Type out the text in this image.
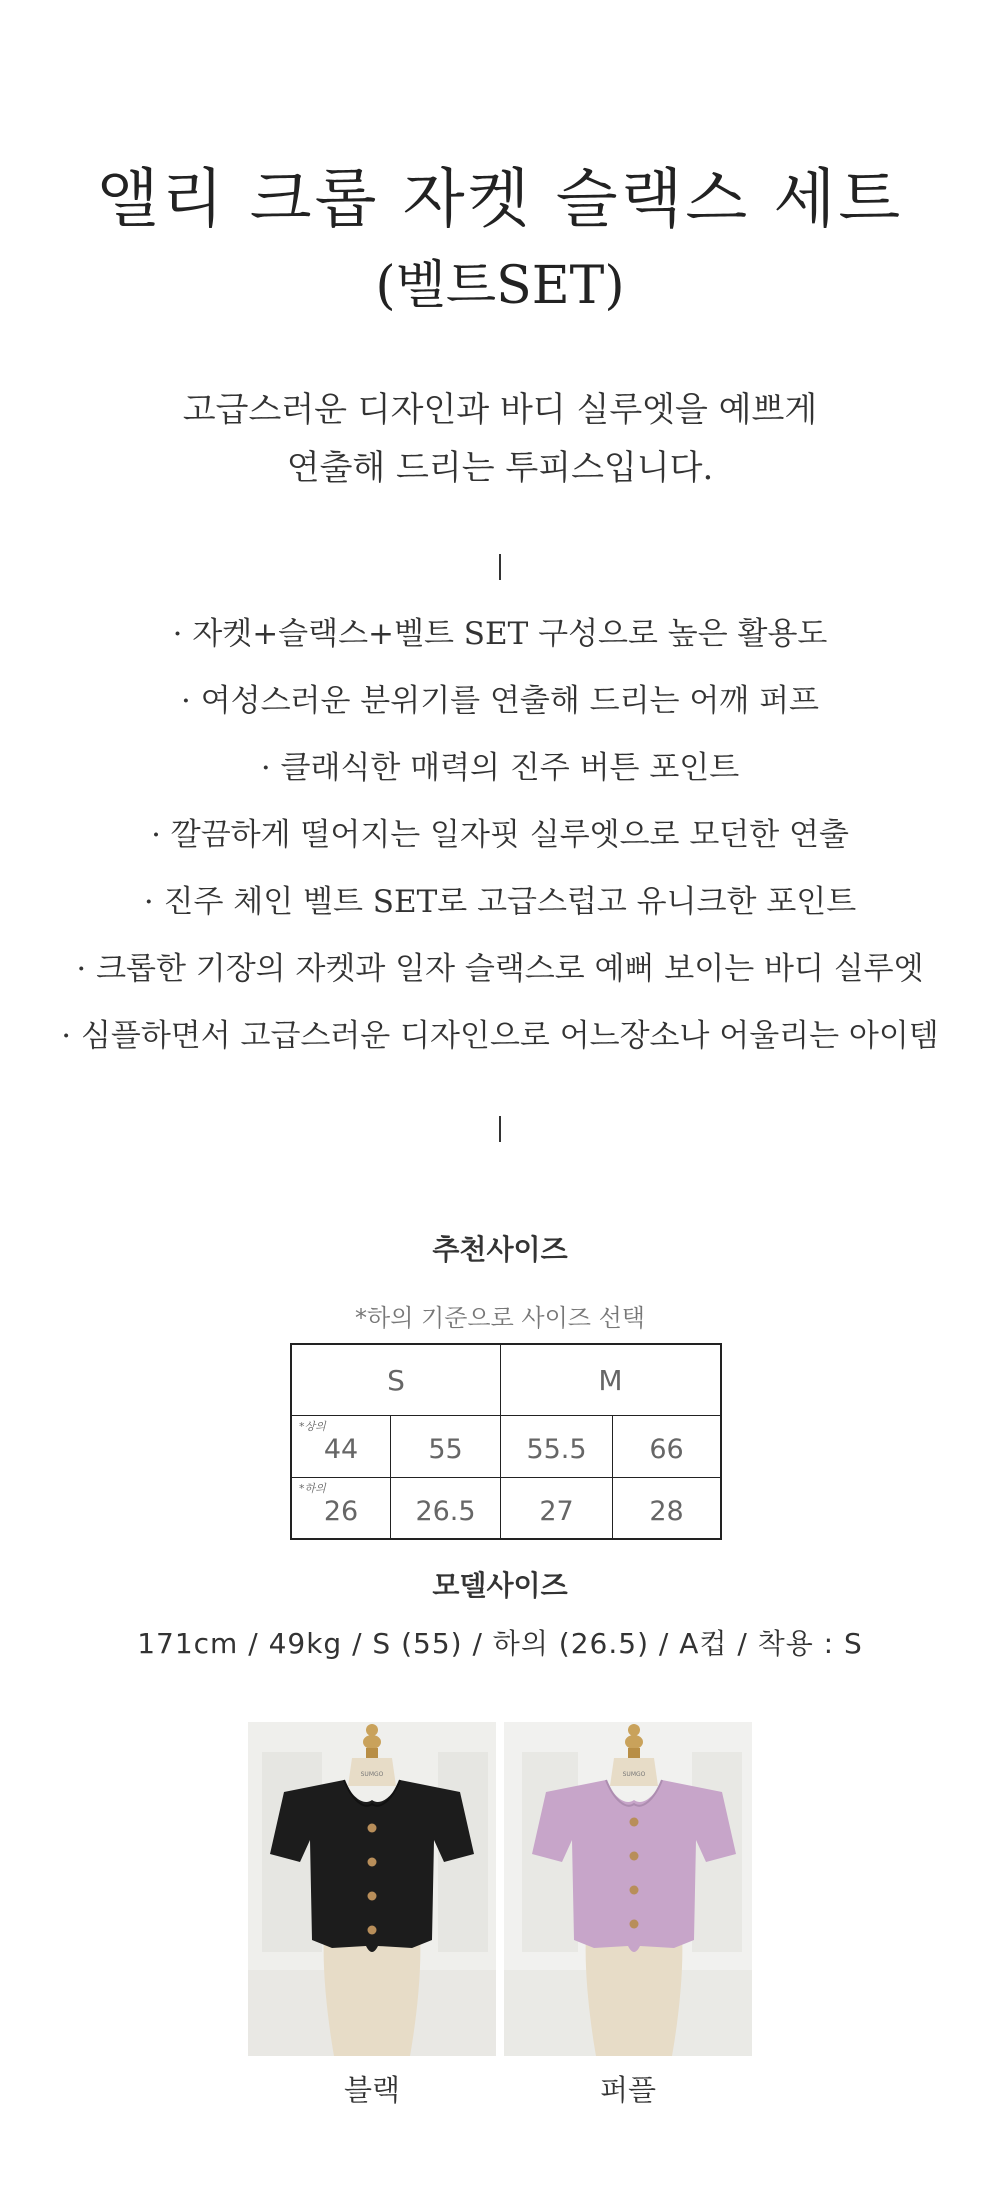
앨리 크롭 자켓 슬랙스 세트
(벨트SET)
고급스러운 디자인과 바디 실루엣을 예쁘게
연출해 드리는 투피스입니다.
· 자켓+슬랙스+벨트 SET 구성으로 높은 활용도
· 여성스러운 분위기를 연출해 드리는 어깨 퍼프
· 클래식한 매력의 진주 버튼 포인트
· 깔끔하게 떨어지는 일자핏 실루엣으로 모던한 연출
· 진주 체인 벨트 SET로 고급스럽고 유니크한 포인트
· 크롭한 기장의 자켓과 일자 슬랙스로 예뻐 보이는 바디 실루엣
· 심플하면서 고급스러운 디자인으로 어느장소나 어울리는 아이템
추천사이즈
*하의 기준으로 사이즈 선택
S	M
*상의
44	55	55.5	66
*하의
26	26.5	27	28
모델사이즈
171cm / 49kg / S (55) / 하의 (26.5) / A컵 / 착용 : S
SUMGO	SUMGO
블랙	퍼플
